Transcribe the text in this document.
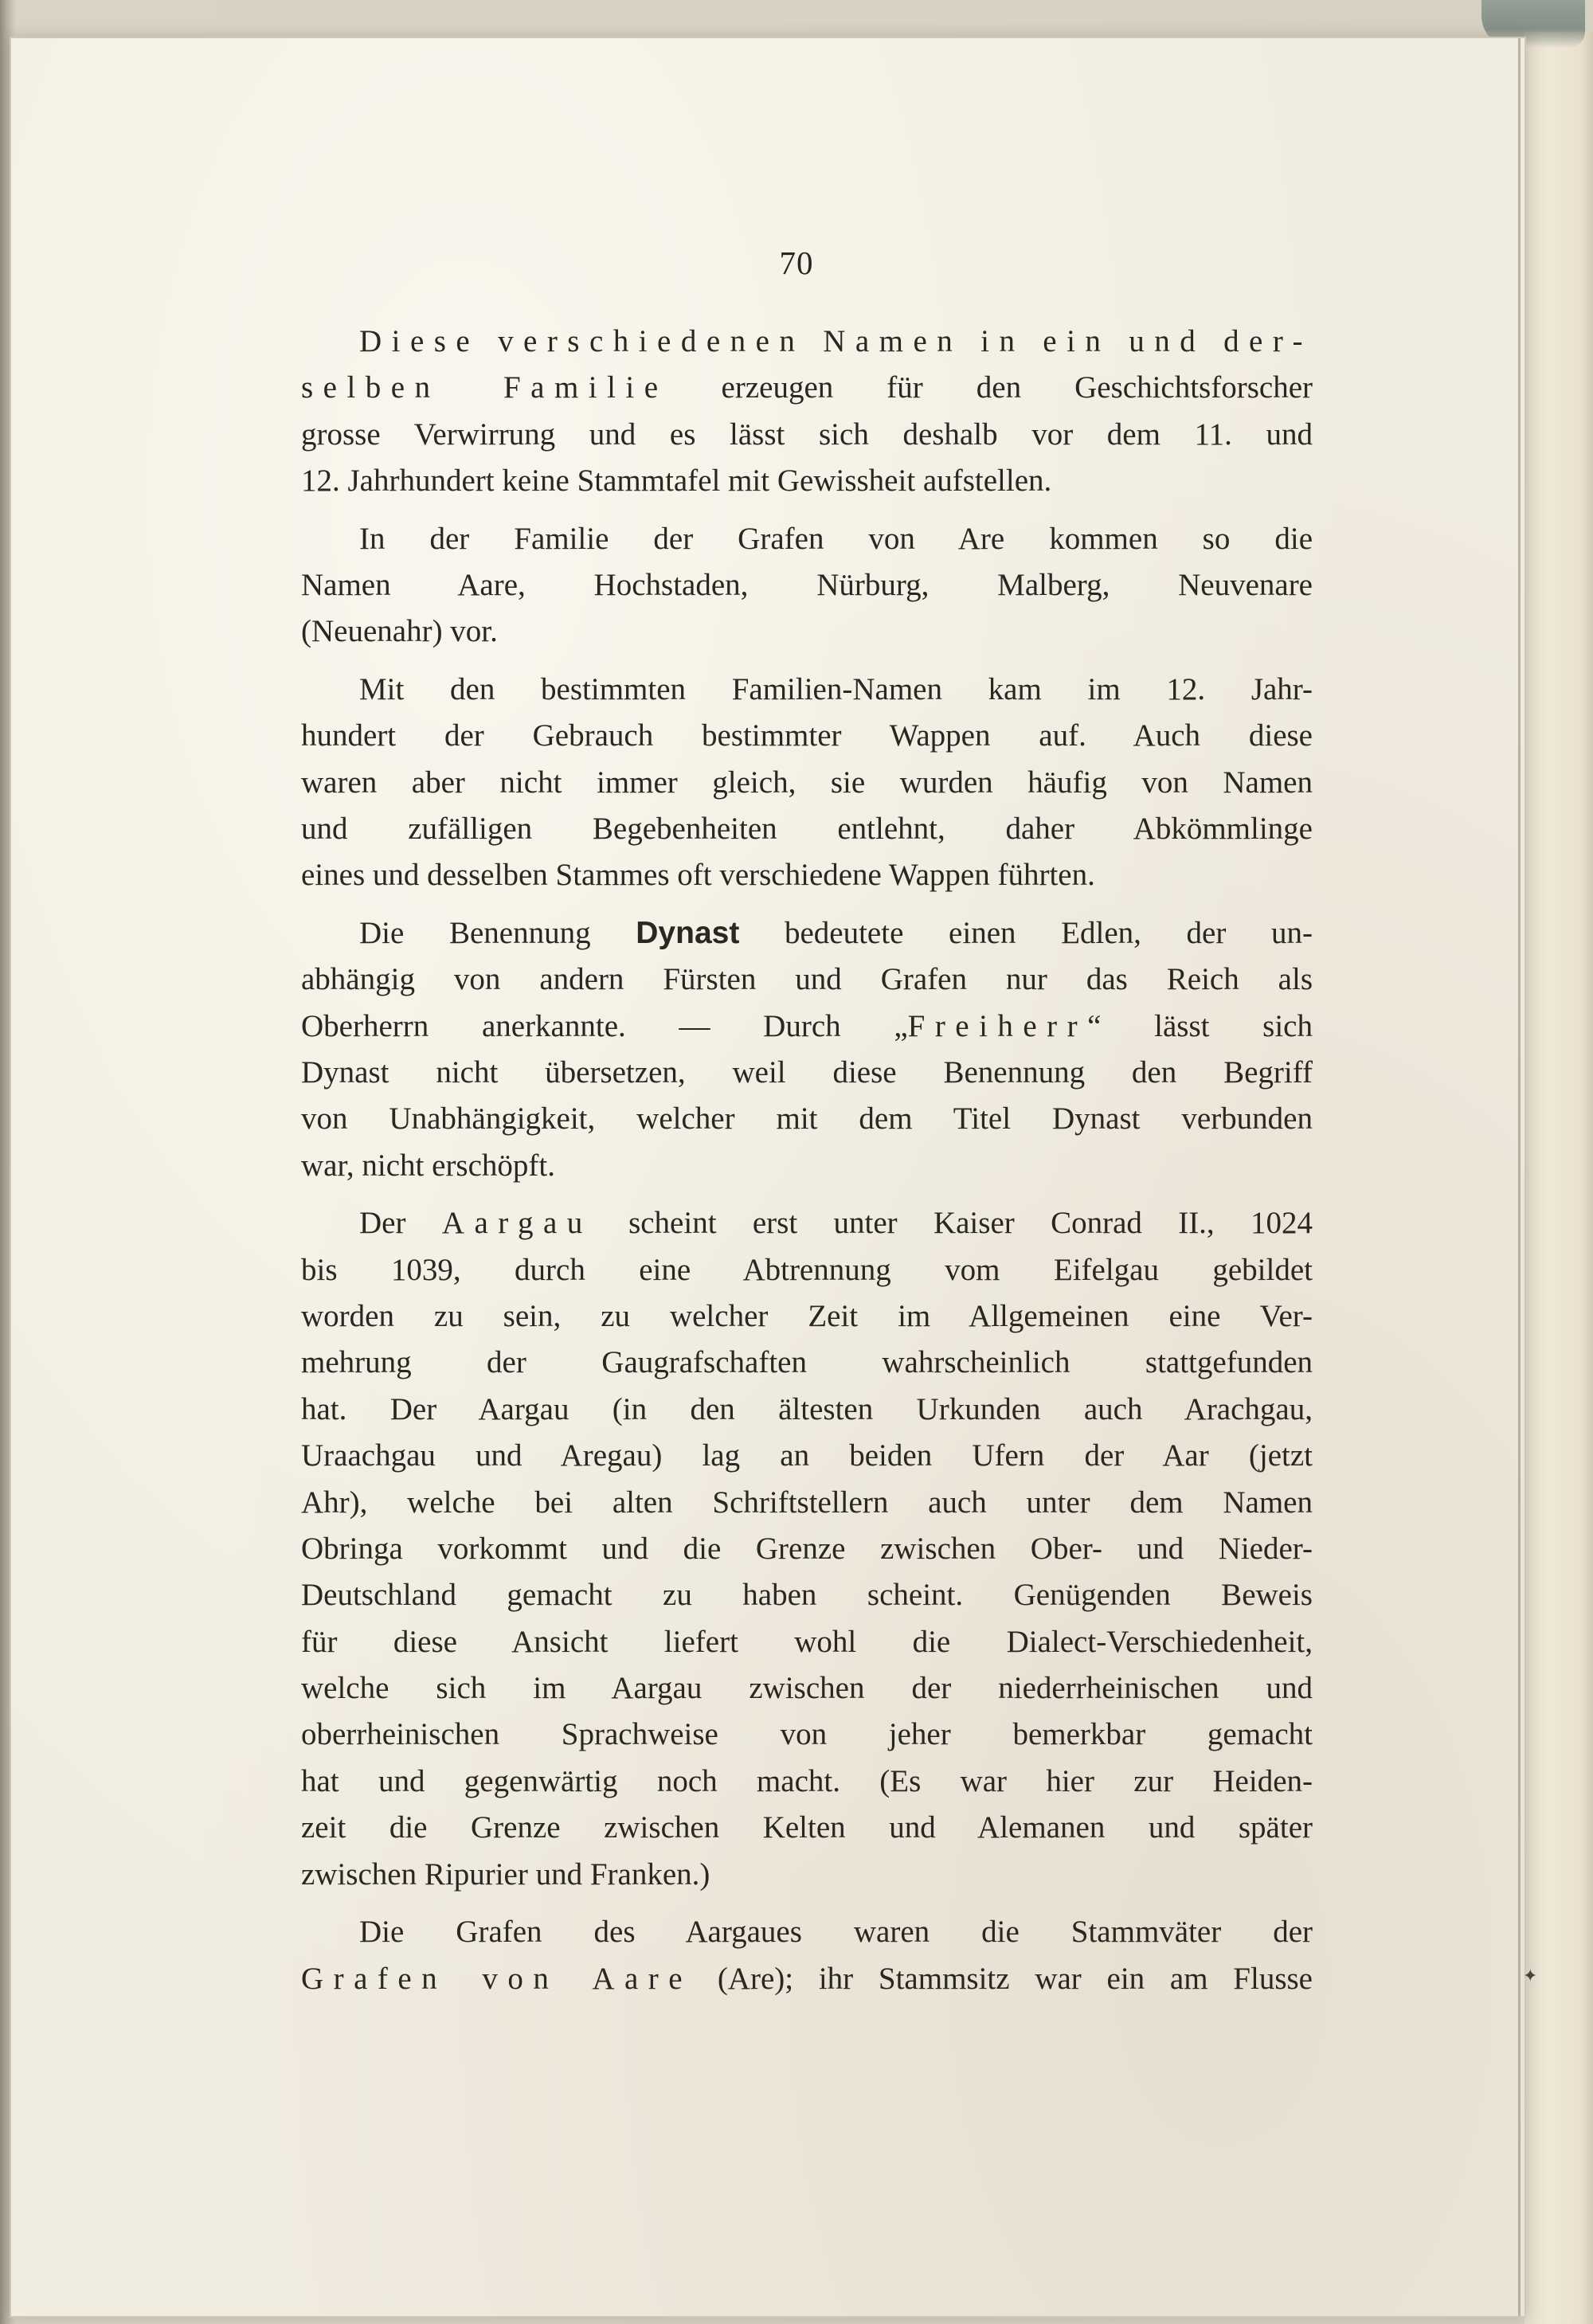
70
Diese verschiedenen Namen in ein und der-
selben Familie erzeugen für den Geschichtsforscher
grosse Verwirrung und es lässt sich deshalb vor dem 11. und
12. Jahrhundert keine Stammtafel mit Gewissheit aufstellen.
In der Familie der Grafen von Are kommen so die
Namen Aare, Hochstaden, Nürburg, Malberg, Neuvenare
(Neuenahr) vor.
Mit den bestimmten Familien-Namen kam im 12. Jahr-
hundert der Gebrauch bestimmter Wappen auf. Auch diese
waren aber nicht immer gleich, sie wurden häufig von Namen
und zufälligen Begebenheiten entlehnt, daher Abkömmlinge
eines und desselben Stammes oft verschiedene Wappen führten.
Die Benennung Dynast bedeutete einen Edlen, der un-
abhängig von andern Fürsten und Grafen nur das Reich als
Oberherrn anerkannte. — Durch „Freiherr“ lässt sich
Dynast nicht übersetzen, weil diese Benennung den Begriff
von Unabhängigkeit, welcher mit dem Titel Dynast verbunden
war, nicht erschöpft.
Der Aargau scheint erst unter Kaiser Conrad II., 1024
bis 1039, durch eine Abtrennung vom Eifelgau gebildet
worden zu sein, zu welcher Zeit im Allgemeinen eine Ver-
mehrung der Gaugrafschaften wahrscheinlich stattgefunden
hat. Der Aargau (in den ältesten Urkunden auch Arachgau,
Uraachgau und Aregau) lag an beiden Ufern der Aar (jetzt
Ahr), welche bei alten Schriftstellern auch unter dem Namen
Obringa vorkommt und die Grenze zwischen Ober- und Nieder-
Deutschland gemacht zu haben scheint. Genügenden Beweis
für diese Ansicht liefert wohl die Dialect-Verschiedenheit,
welche sich im Aargau zwischen der niederrheinischen und
oberrheinischen Sprachweise von jeher bemerkbar gemacht
hat und gegenwärtig noch macht. (Es war hier zur Heiden-
zeit die Grenze zwischen Kelten und Alemanen und später
zwischen Ripurier und Franken.)
Die Grafen des Aargaues waren die Stammväter der
Grafen von Aare (Are); ihr Stammsitz war ein am Flusse	✦
